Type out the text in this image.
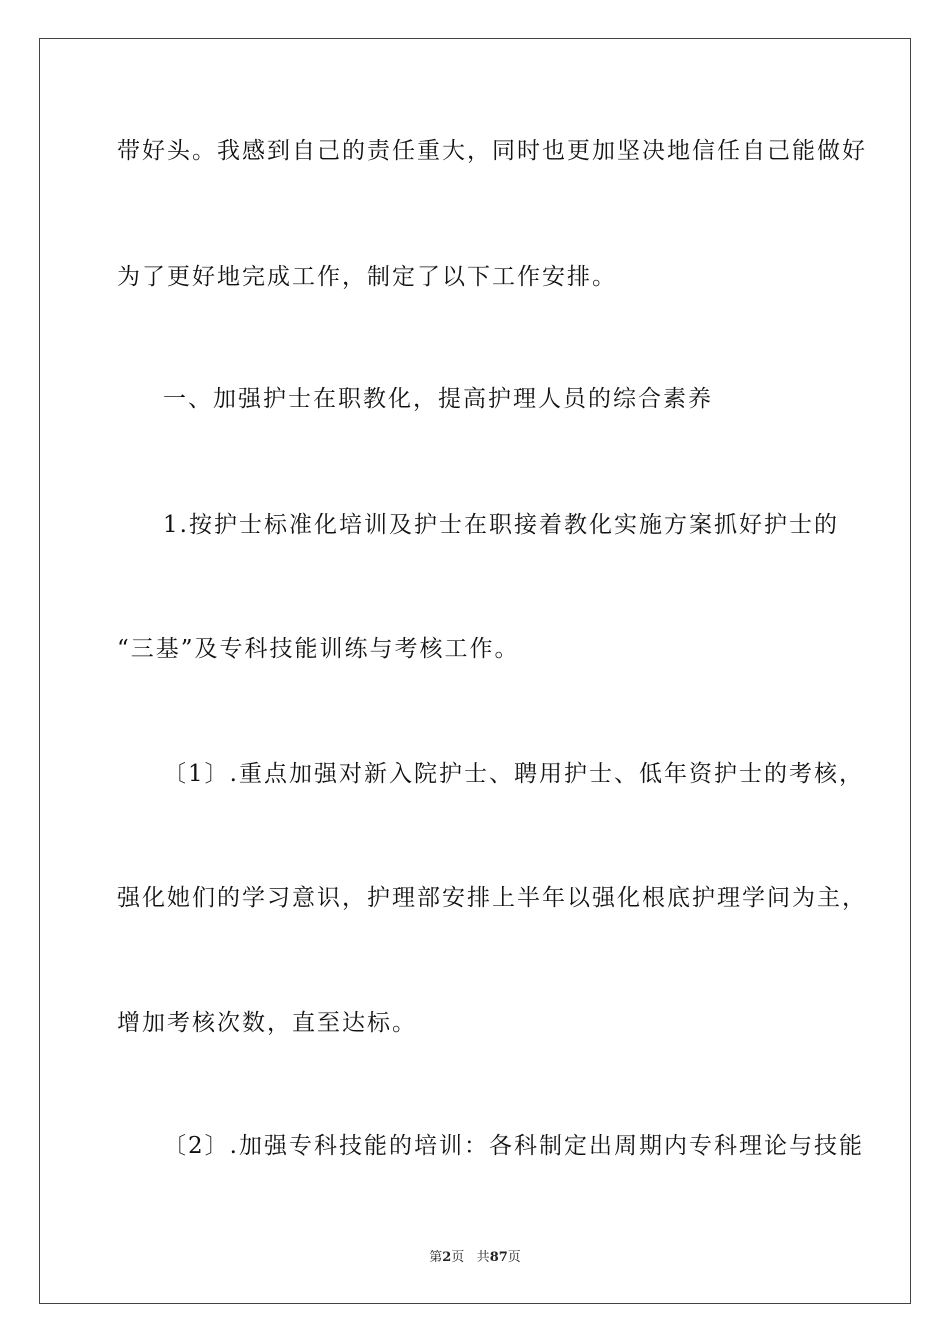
带好头。我感到自己的责任重大，同时也更加坚决地信任自己能做好
为了更好地完成工作，制定了以下工作安排。
一、加强护士在职教化，提高护理人员的综合素养
1.按护士标准化培训及护士在职接着教化实施方案抓好护士的
“三基”及专科技能训练与考核工作。
〔1〕.重点加强对新入院护士、聘用护士、低年资护士的考核，
强化她们的学习意识，护理部安排上半年以强化根底护理学问为主，
增加考核次数，直至达标。
〔2〕.加强专科技能的培训：各科制定出周期内专科理论与技能
第2页 共87页
